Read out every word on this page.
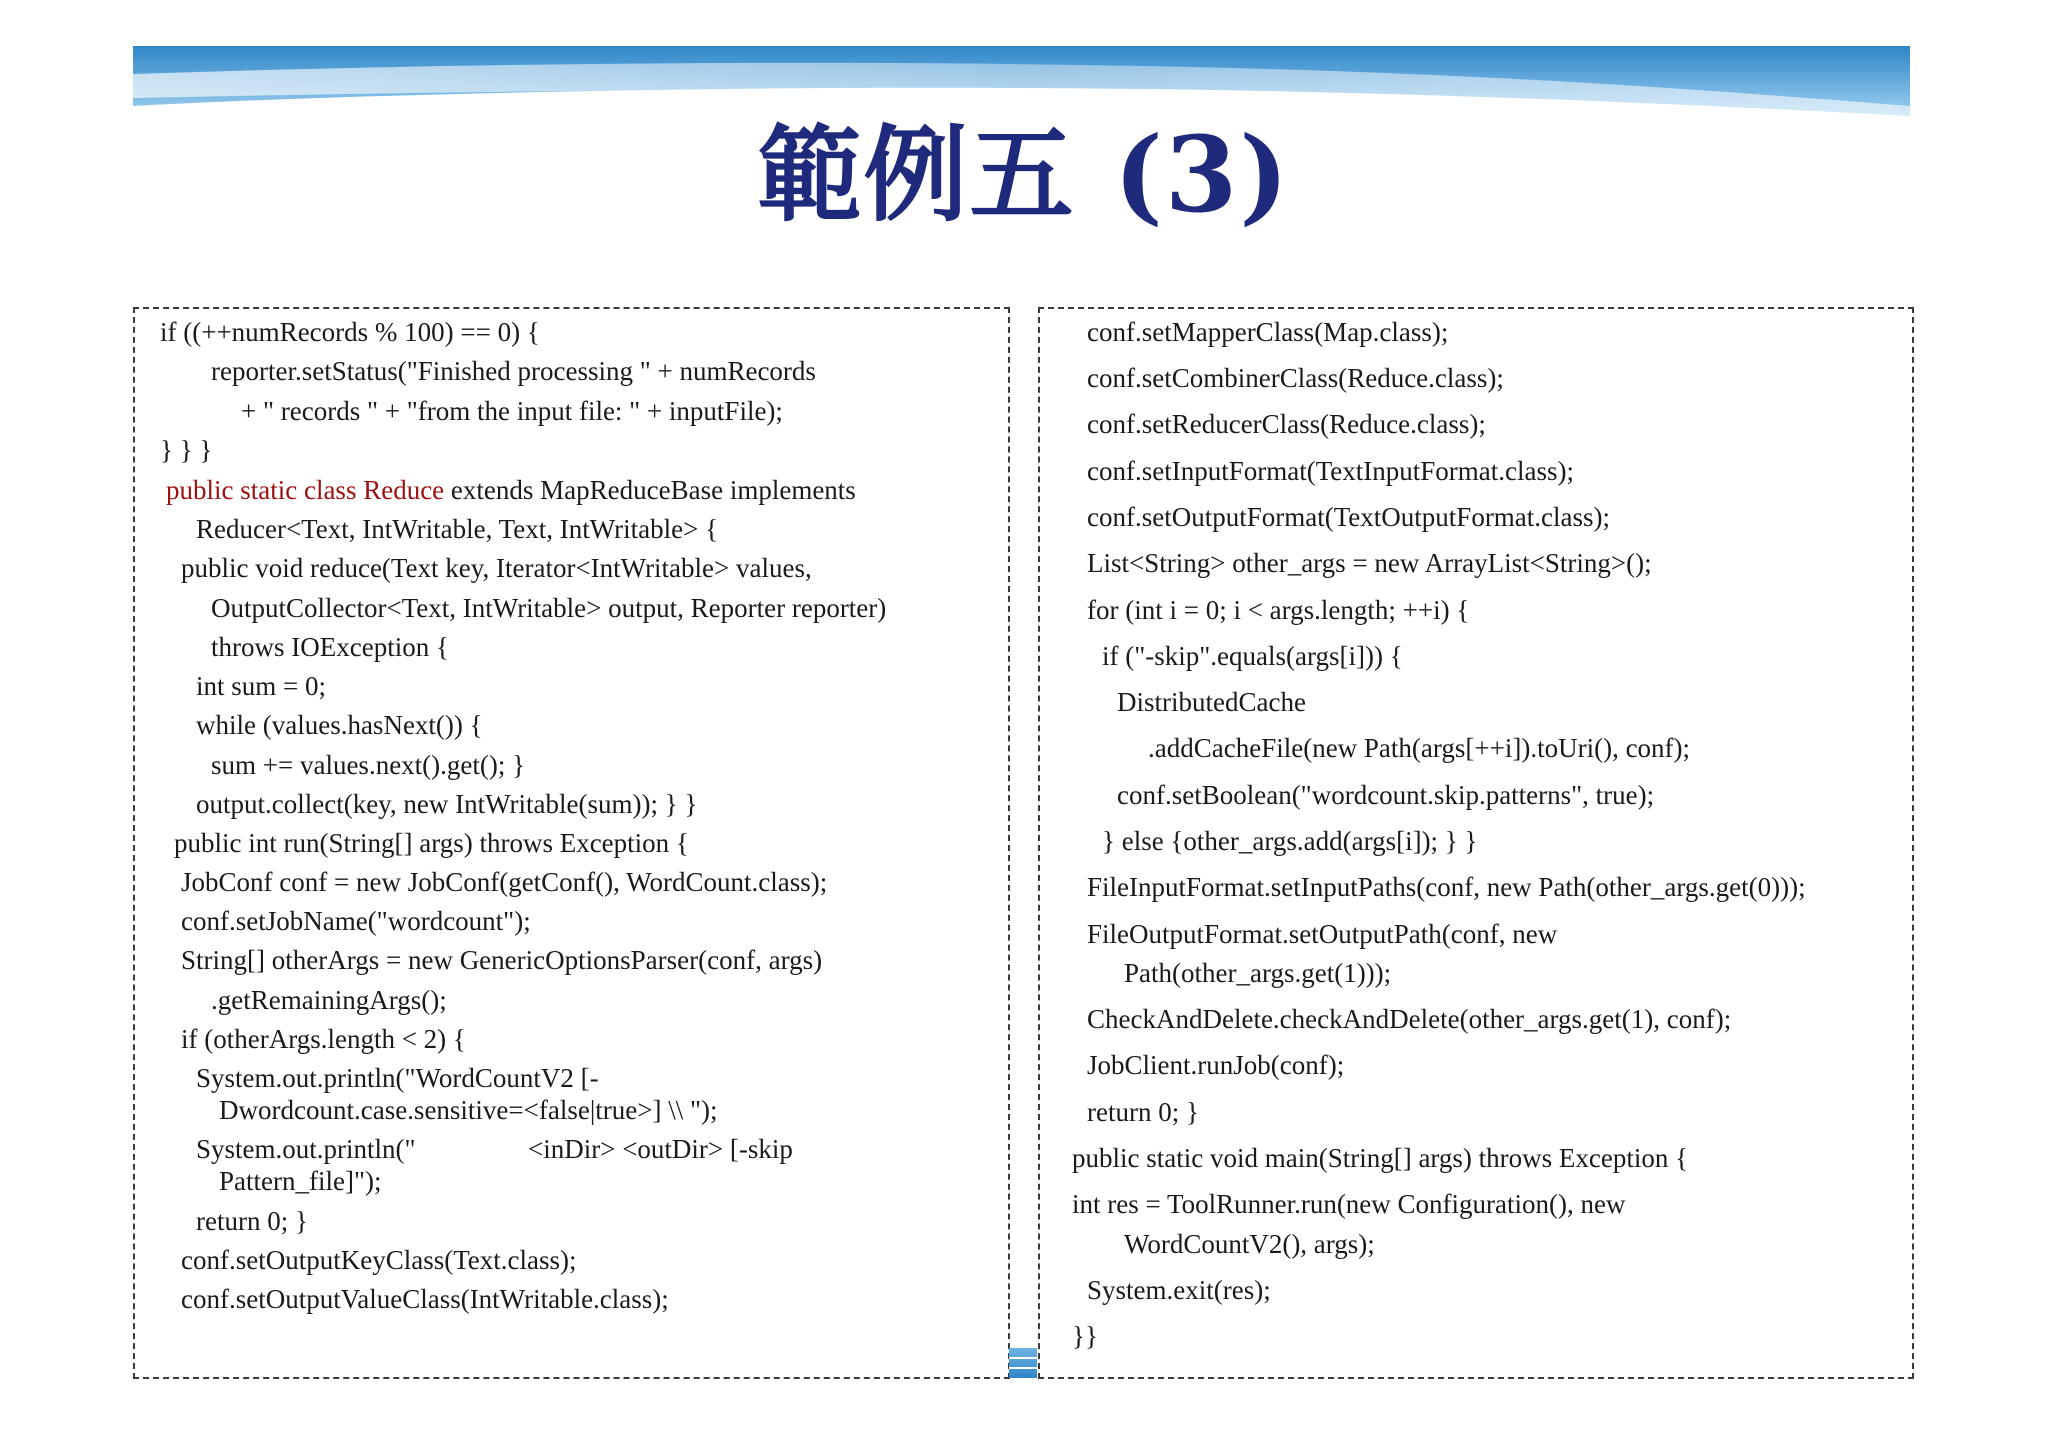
範例五 (3)
if ((++numRecords % 100) == 0) {
reporter.setStatus("Finished processing " + numRecords
+ " records " + "from the input file: " + inputFile);
} } }
public static class Reduce extends MapReduceBase implements
Reducer<Text, IntWritable, Text, IntWritable> {
public void reduce(Text key, Iterator<IntWritable> values,
OutputCollector<Text, IntWritable> output, Reporter reporter)
throws IOException {
int sum = 0;
while (values.hasNext()) {
sum += values.next().get(); }
output.collect(key, new IntWritable(sum)); } }
public int run(String[] args) throws Exception {
JobConf conf = new JobConf(getConf(), WordCount.class);
conf.setJobName("wordcount");
String[] otherArgs = new GenericOptionsParser(conf, args)
.getRemainingArgs();
if (otherArgs.length < 2) {
System.out.println("WordCountV2 [-
Dwordcount.case.sensitive=<false|true>] \\ ");
System.out.println("	<inDir> <outDir> [-skip
Pattern_file]");
return 0; }
conf.setOutputKeyClass(Text.class);
conf.setOutputValueClass(IntWritable.class);
conf.setMapperClass(Map.class);
conf.setCombinerClass(Reduce.class);
conf.setReducerClass(Reduce.class);
conf.setInputFormat(TextInputFormat.class);
conf.setOutputFormat(TextOutputFormat.class);
List<String> other_args = new ArrayList<String>();
for (int i = 0; i < args.length; ++i) {
if ("-skip".equals(args[i])) {
DistributedCache
.addCacheFile(new Path(args[++i]).toUri(), conf);
conf.setBoolean("wordcount.skip.patterns", true);
} else {other_args.add(args[i]); } }
FileInputFormat.setInputPaths(conf, new Path(other_args.get(0)));
FileOutputFormat.setOutputPath(conf, new
Path(other_args.get(1)));
CheckAndDelete.checkAndDelete(other_args.get(1), conf);
JobClient.runJob(conf);
return 0; }
public static void main(String[] args) throws Exception {
int res = ToolRunner.run(new Configuration(), new
WordCountV2(), args);
System.exit(res);
}}
